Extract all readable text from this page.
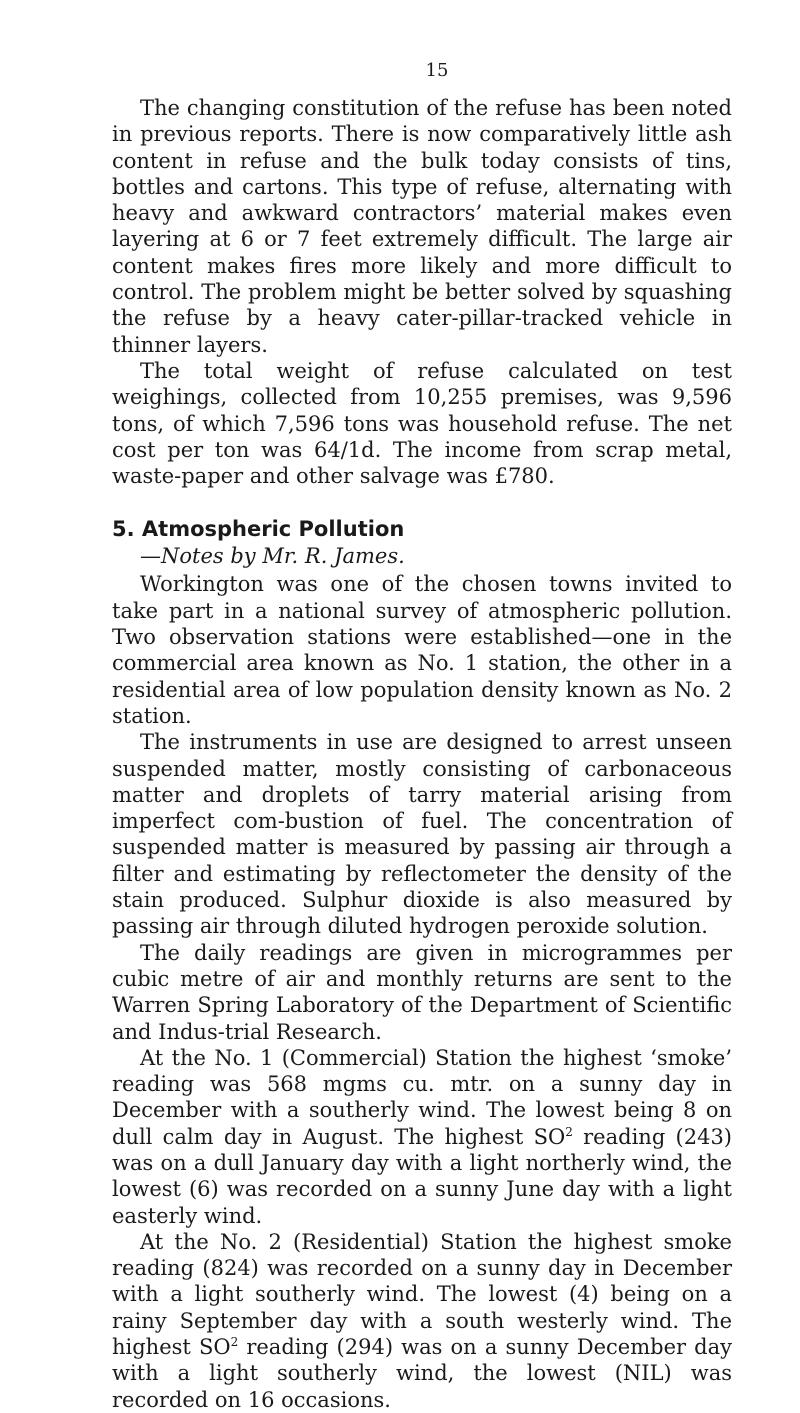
15

The changing constitution of the refuse has been noted in previous reports. There is now comparatively little ash content in refuse and the bulk today consists of tins, bottles and cartons. This type of refuse, alternating with heavy and awkward contractors’ material makes even layering at 6 or 7 feet extremely difficult. The large air content makes fires more likely and more difficult to control. The problem might be better solved by squashing the refuse by a heavy cater-pillar-tracked vehicle in thinner layers.

The total weight of refuse calculated on test weighings, collected from 10,255 premises, was 9,596 tons, of which 7,596 tons was household refuse. The net cost per ton was 64/1d. The income from scrap metal, waste-paper and other salvage was £780.

5. Atmospheric Pollution
—Notes by Mr. R. James.

Workington was one of the chosen towns invited to take part in a national survey of atmospheric pollution. Two observation stations were established—one in the commercial area known as No. 1 station, the other in a residential area of low population density known as No. 2 station.

The instruments in use are designed to arrest unseen suspended matter, mostly consisting of carbonaceous matter and droplets of tarry material arising from imperfect com-bustion of fuel. The concentration of suspended matter is measured by passing air through a filter and estimating by reflectometer the density of the stain produced. Sulphur dioxide is also measured by passing air through diluted hydrogen peroxide solution.

The daily readings are given in microgrammes per cubic metre of air and monthly returns are sent to the Warren Spring Laboratory of the Department of Scientific and Indus-trial Research.

At the No. 1 (Commercial) Station the highest ‘smoke’ reading was 568 mgms cu. mtr. on a sunny day in December with a southerly wind. The lowest being 8 on dull calm day in August. The highest $SO^2$ reading (243) was on a dull January day with a light northerly wind, the lowest (6) was recorded on a sunny June day with a light easterly wind.

At the No. 2 (Residential) Station the highest smoke reading (824) was recorded on a sunny day in December with a light southerly wind. The lowest (4) being on a rainy September day with a south westerly wind. The highest $SO^2$ reading (294) was on a sunny December day with a light southerly wind, the lowest (NIL) was recorded on 16 occasions.
